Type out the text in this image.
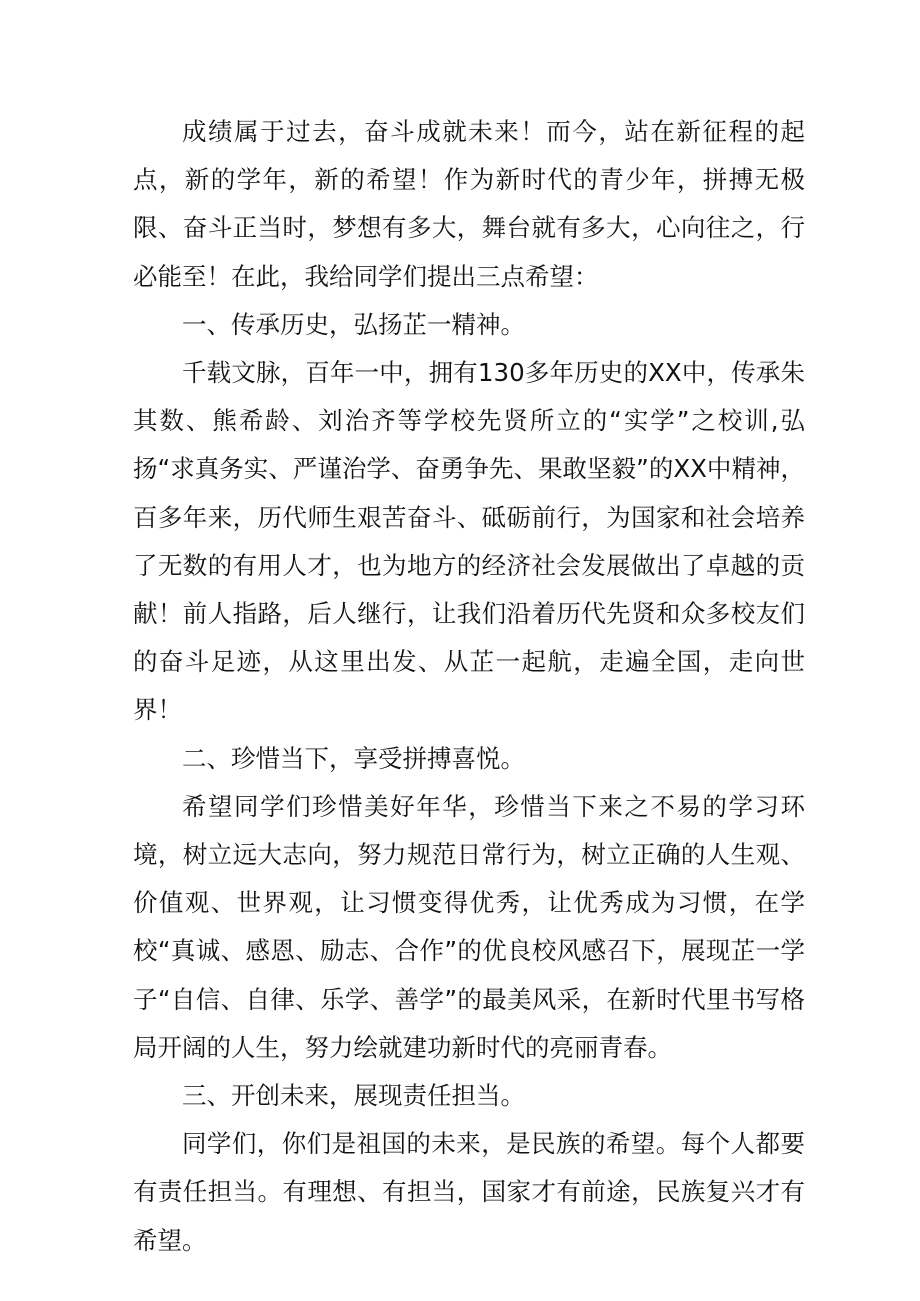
成绩属于过去，奋斗成就未来！而今，站在新征程的起点，新的学年，新的希望！作为新时代的青少年，拼搏无极限、奋斗正当时，梦想有多大，舞台就有多大，心向往之，行必能至！在此，我给同学们提出三点希望：

一、传承历史，弘扬芷一精神。

千载文脉，百年一中，拥有130多年历史的XX中，传承朱其数、熊希龄、刘治齐等学校先贤所立的“实学”之校训,弘扬“求真务实、严谨治学、奋勇争先、果敢坚毅”的XX中精神，百多年来，历代师生艰苦奋斗、砥砺前行，为国家和社会培养了无数的有用人才，也为地方的经济社会发展做出了卓越的贡献！前人指路，后人继行，让我们沿着历代先贤和众多校友们的奋斗足迹，从这里出发、从芷一起航，走遍全国，走向世界！

二、珍惜当下，享受拼搏喜悦。

希望同学们珍惜美好年华，珍惜当下来之不易的学习环境，树立远大志向，努力规范日常行为，树立正确的人生观、价值观、世界观，让习惯变得优秀，让优秀成为习惯，在学校“真诚、感恩、励志、合作”的优良校风感召下，展现芷一学子“自信、自律、乐学、善学”的最美风采，在新时代里书写格局开阔的人生，努力绘就建功新时代的亮丽青春。

三、开创未来，展现责任担当。

同学们，你们是祖国的未来，是民族的希望。每个人都要有责任担当。有理想、有担当，国家才有前途，民族复兴才有希望。
